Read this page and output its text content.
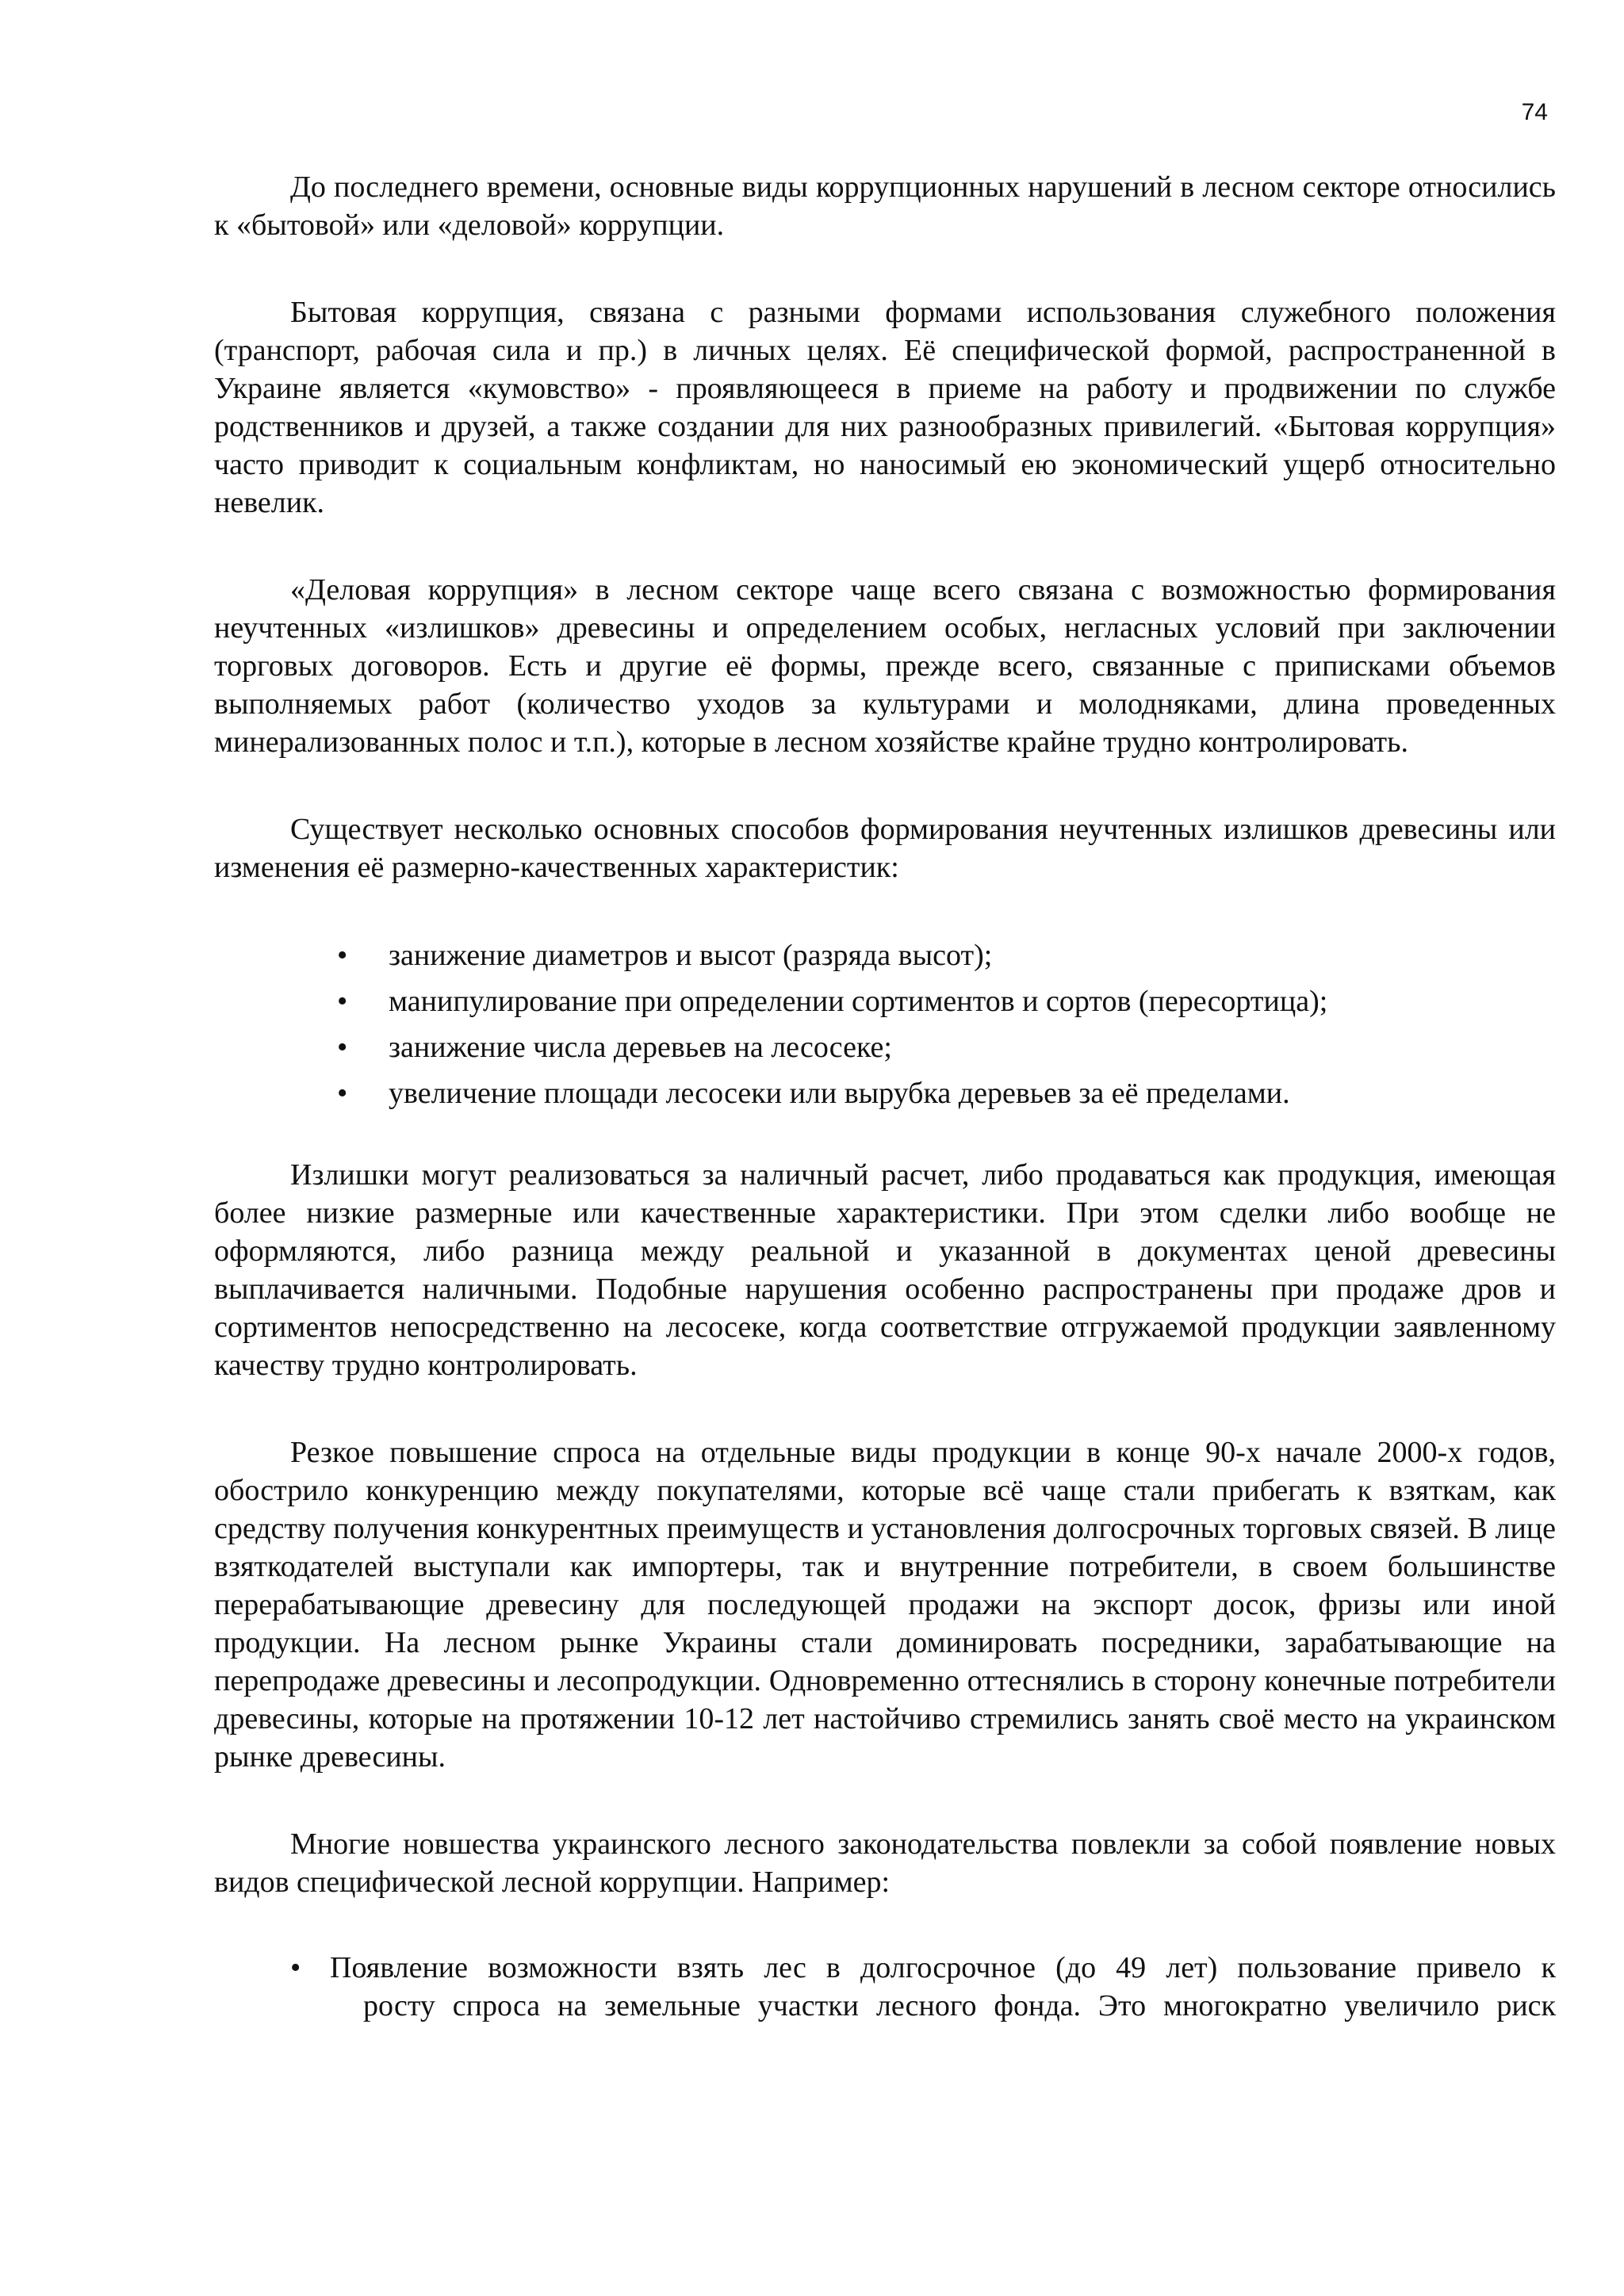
74

До последнего времени, основные виды коррупционных нарушений в лесном секторе относились к «бытовой» или «деловой» коррупции.

Бытовая коррупция, связана с разными формами использования служебного положения (транспорт, рабочая сила и пр.) в личных целях. Её специфической формой, распространенной в Украине является «кумовство» - проявляющееся в приеме на работу и продвижении по службе родственников и друзей, а также создании для них разнообразных привилегий. «Бытовая коррупция» часто приводит к социальным конфликтам, но наносимый ею экономический ущерб относительно невелик.

«Деловая коррупция» в лесном секторе чаще всего связана с возможностью формирования неучтенных «излишков» древесины и определением особых, негласных условий при заключении торговых договоров. Есть и другие её формы, прежде всего, связанные с приписками объемов выполняемых работ (количество уходов за культурами и молодняками, длина проведенных минерализованных полос и т.п.), которые в лесном хозяйстве крайне трудно контролировать.

Существует несколько основных способов формирования неучтенных излишков древесины или изменения её размерно-качественных характеристик:

• занижение диаметров и высот (разряда высот);
• манипулирование при определении сортиментов и сортов (пересортица);
• занижение числа деревьев на лесосеке;
• увеличение площади лесосеки или вырубка деревьев за её пределами.

Излишки могут реализоваться за наличный расчет, либо продаваться как продукция, имеющая более низкие размерные или качественные характеристики. При этом сделки либо вообще не оформляются, либо разница между реальной и указанной в документах ценой древесины выплачивается наличными. Подобные нарушения особенно распространены при продаже дров и сортиментов непосредственно на лесосеке, когда соответствие отгружаемой продукции заявленному качеству трудно контролировать.

Резкое повышение спроса на отдельные виды продукции в конце 90-х начале 2000-х годов, обострило конкуренцию между покупателями, которые всё чаще стали прибегать к взяткам, как средству получения конкурентных преимуществ и установления долгосрочных торговых связей. В лице взяткодателей выступали как импортеры, так и внутренние потребители, в своем большинстве перерабатывающие древесину для последующей продажи на экспорт досок, фризы или иной продукции. На лесном рынке Украины стали доминировать посредники, зарабатывающие на перепродаже древесины и лесопродукции. Одновременно оттеснялись в сторону конечные потребители древесины, которые на протяжении 10-12 лет настойчиво стремились занять своё место на украинском рынке древесины.

Многие новшества украинского лесного законодательства повлекли за собой появление новых видов специфической лесной коррупции. Например:

• Появление возможности взять лес в долгосрочное (до 49 лет) пользование привело к
росту спроса на земельные участки лесного фонда. Это многократно увеличило риск
